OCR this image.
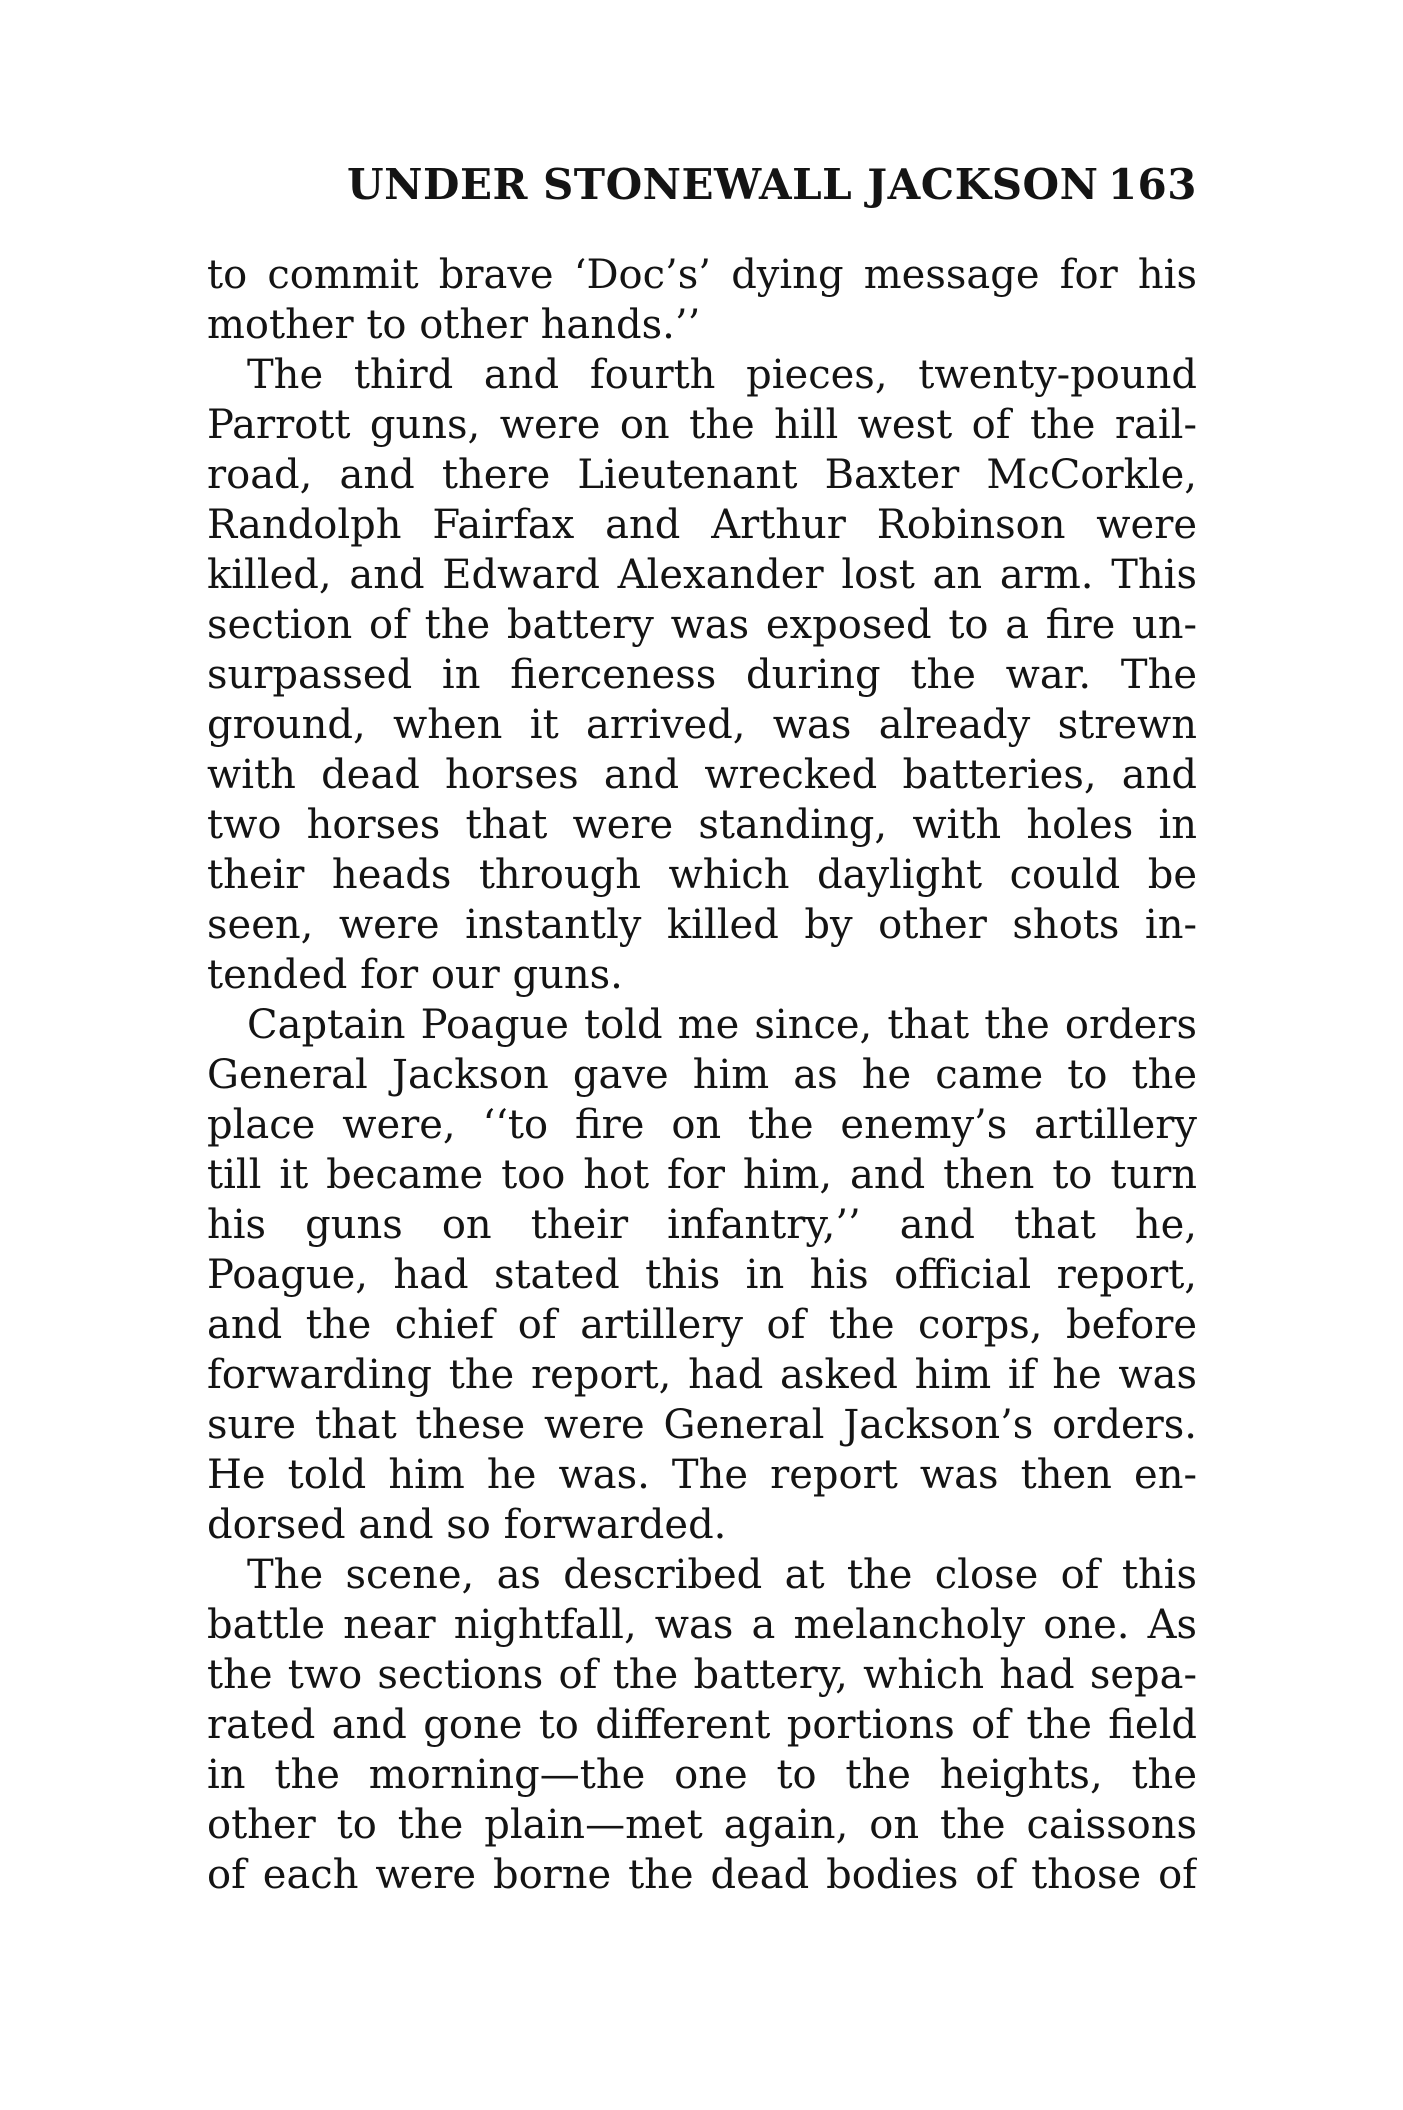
UNDER STONEWALL JACKSON 163
to commit brave ‘Doc’s’ dying message for his
mother to other hands.’’
The third and fourth pieces, twenty-pound
Parrott guns, were on the hill west of the rail-
road, and there Lieutenant Baxter McCorkle,
Randolph Fairfax and Arthur Robinson were
killed, and Edward Alexander lost an arm. This
section of the battery was exposed to a fire un-
surpassed in fierceness during the war. The
ground, when it arrived, was already strewn
with dead horses and wrecked batteries, and
two horses that were standing, with holes in
their heads through which daylight could be
seen, were instantly killed by other shots in-
tended for our guns.
Captain Poague told me since, that the orders
General Jackson gave him as he came to the
place were, ‘‘to fire on the enemy’s artillery
till it became too hot for him, and then to turn
his guns on their infantry,’’ and that he,
Poague, had stated this in his official report,
and the chief of artillery of the corps, before
forwarding the report, had asked him if he was
sure that these were General Jackson’s orders.
He told him he was. The report was then en-
dorsed and so forwarded.
The scene, as described at the close of this
battle near nightfall, was a melancholy one. As
the two sections of the battery, which had sepa-
rated and gone to different portions of the field
in the morning—the one to the heights, the
other to the plain—met again, on the caissons
of each were borne the dead bodies of those of
